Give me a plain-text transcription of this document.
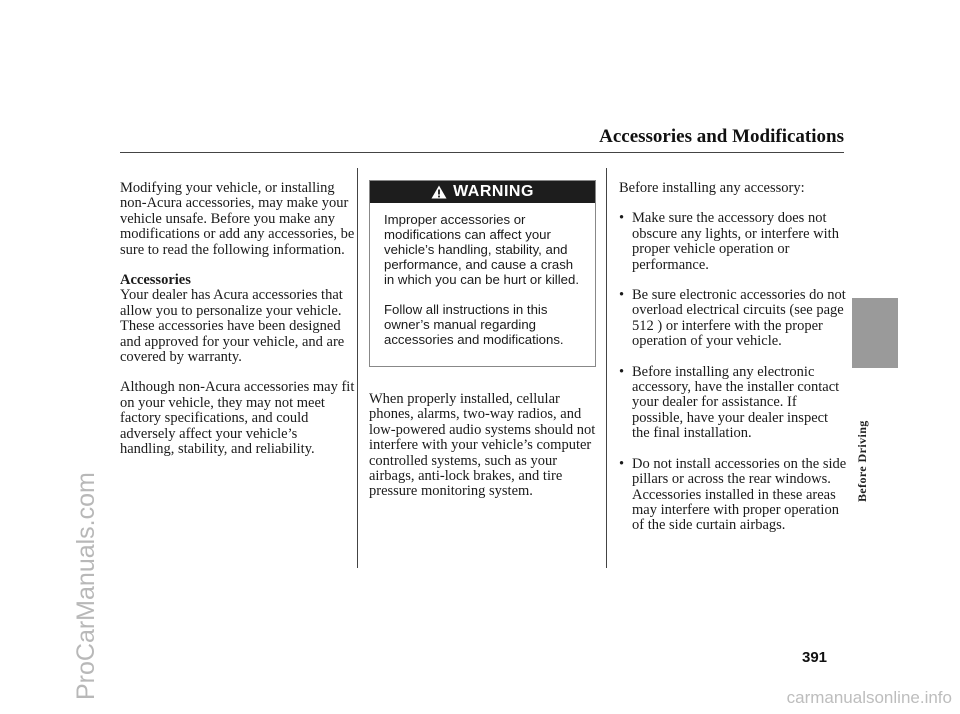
Accessories and Modifications

Modifying your vehicle, or installing non-Acura accessories, may make your vehicle unsafe. Before you make any modifications or add any accessories, be sure to read the following information.

Accessories

Your dealer has Acura accessories that allow you to personalize your vehicle. These accessories have been designed and approved for your vehicle, and are covered by warranty.

Although non-Acura accessories may fit on your vehicle, they may not meet factory specifications, and could adversely affect your vehicle’s handling, stability, and reliability.

WARNING

Improper accessories or modifications can affect your vehicle’s handling, stability, and performance, and cause a crash in which you can be hurt or killed.

Follow all instructions in this owner’s manual regarding accessories and modifications.

When properly installed, cellular phones, alarms, two-way radios, and low-powered audio systems should not interfere with your vehicle’s computer controlled systems, such as your airbags, anti-lock brakes, and tire pressure monitoring system.

Before installing any accessory:

• Make sure the accessory does not obscure any lights, or interfere with proper vehicle operation or performance.
• Be sure electronic accessories do not overload electrical circuits (see page 512 ) or interfere with the proper operation of your vehicle.
• Before installing any electronic accessory, have the installer contact your dealer for assistance. If possible, have your dealer inspect the final installation.
• Do not install accessories on the side pillars or across the rear windows. Accessories installed in these areas may interfere with proper operation of the side curtain airbags.
Before Driving
391
ProCarManuals.com	carmanualsonline.info
